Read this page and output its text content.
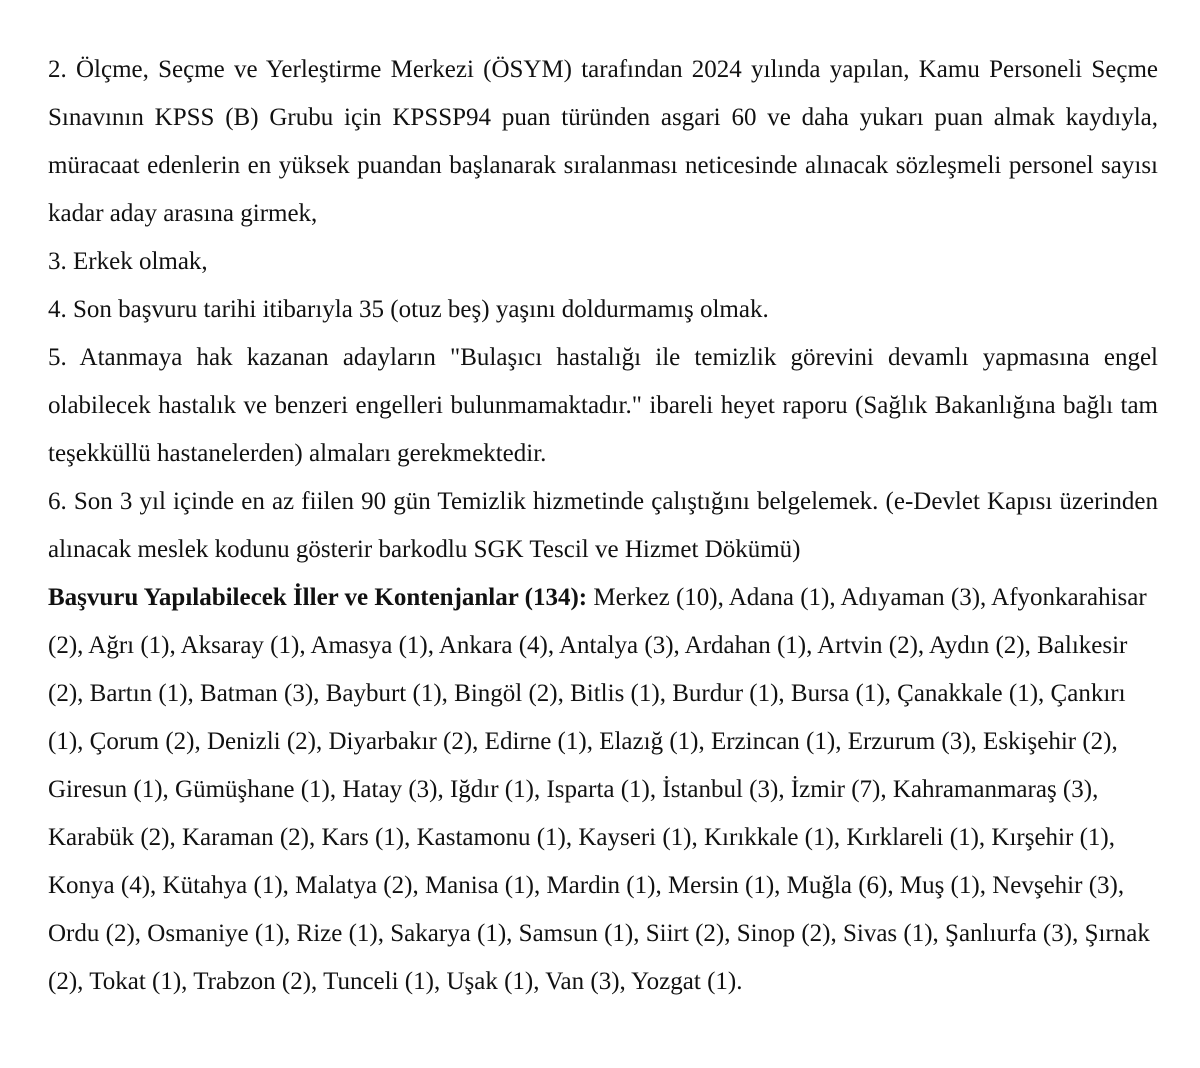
2. Ölçme, Seçme ve Yerleştirme Merkezi (ÖSYM) tarafından 2024 yılında yapılan, Kamu Personeli Seçme Sınavının KPSS (B) Grubu için KPSSP94 puan türünden asgari 60 ve daha yukarı puan almak kaydıyla, müracaat edenlerin en yüksek puandan başlanarak sıralanması neticesinde alınacak sözleşmeli personel sayısı kadar aday arasına girmek,

3. Erkek olmak,

4. Son başvuru tarihi itibarıyla 35 (otuz beş) yaşını doldurmamış olmak.

5. Atanmaya hak kazanan adayların "Bulaşıcı hastalığı ile temizlik görevini devamlı yapmasına engel olabilecek hastalık ve benzeri engelleri bulunmamaktadır." ibareli heyet raporu (Sağlık Bakanlığına bağlı tam teşekküllü hastanelerden) almaları gerekmektedir.

6. Son 3 yıl içinde en az fiilen 90 gün Temizlik hizmetinde çalıştığını belgelemek. (e-Devlet Kapısı üzerinden alınacak meslek kodunu gösterir barkodlu SGK Tescil ve Hizmet Dökümü)

Başvuru Yapılabilecek İller ve Kontenjanlar (134): Merkez (10), Adana (1), Adıyaman (3), Afyonkarahisar (2), Ağrı (1), Aksaray (1), Amasya (1), Ankara (4), Antalya (3), Ardahan (1), Artvin (2), Aydın (2), Balıkesir (2), Bartın (1), Batman (3), Bayburt (1), Bingöl (2), Bitlis (1), Burdur (1), Bursa (1), Çanakkale (1), Çankırı (1), Çorum (2), Denizli (2), Diyarbakır (2), Edirne (1), Elazığ (1), Erzincan (1), Erzurum (3), Eskişehir (2), Giresun (1), Gümüşhane (1), Hatay (3), Iğdır (1), Isparta (1), İstanbul (3), İzmir (7), Kahramanmaraş (3), Karabük (2), Karaman (2), Kars (1), Kastamonu (1), Kayseri (1), Kırıkkale (1), Kırklareli (1), Kırşehir (1), Konya (4), Kütahya (1), Malatya (2), Manisa (1), Mardin (1), Mersin (1), Muğla (6), Muş (1), Nevşehir (3), Ordu (2), Osmaniye (1), Rize (1), Sakarya (1), Samsun (1), Siirt (2), Sinop (2), Sivas (1), Şanlıurfa (3), Şırnak (2), Tokat (1), Trabzon (2), Tunceli (1), Uşak (1), Van (3), Yozgat (1).
